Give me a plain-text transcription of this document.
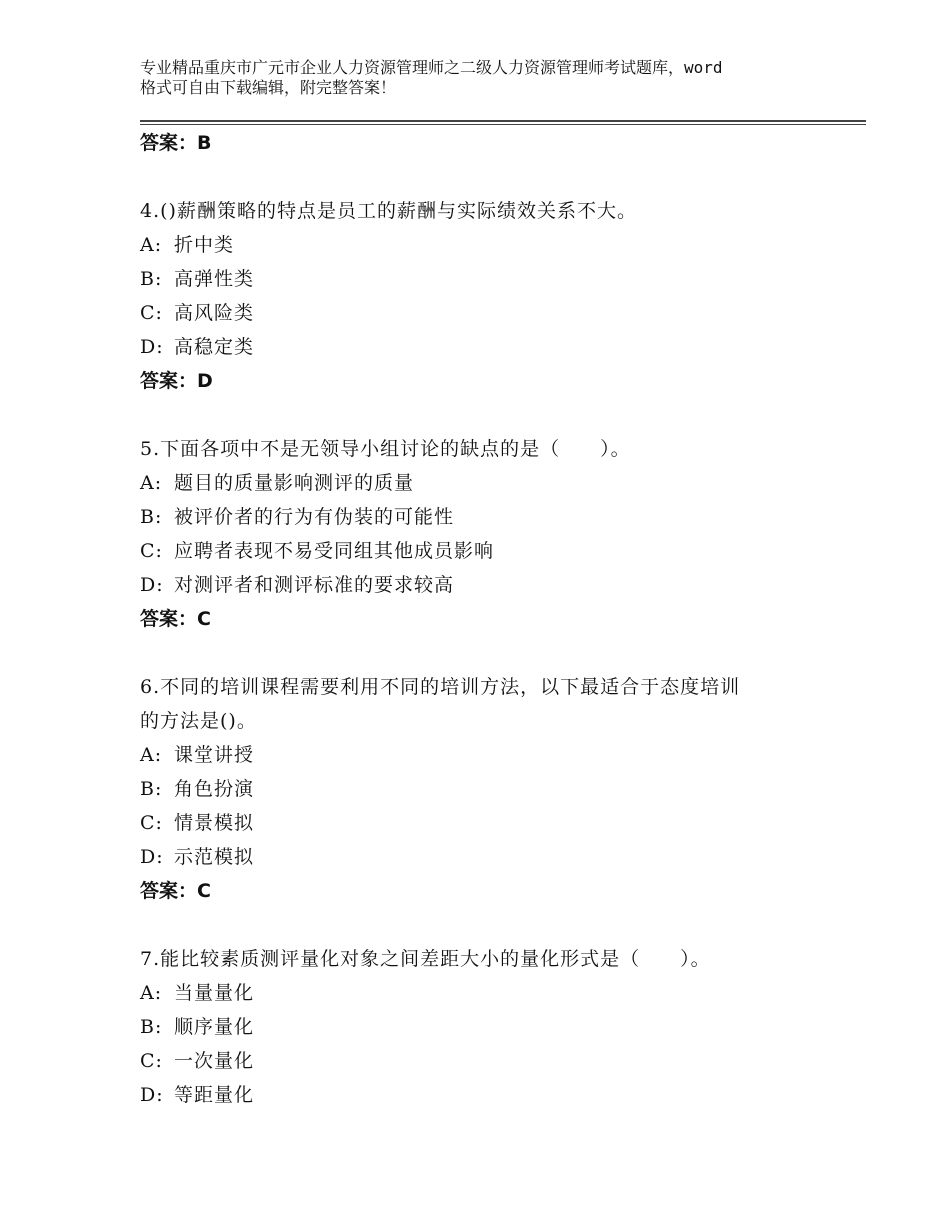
专业精品重庆市广元市企业人力资源管理师之二级人力资源管理师考试题库，word
格式可自由下载编辑，附完整答案！
答案：B
4.()薪酬策略的特点是员工的薪酬与实际绩效关系不大。
A: 折中类
B: 高弹性类
C: 高风险类
D: 高稳定类
答案：D
5.下面各项中不是无领导小组讨论的缺点的是（　　）。
A: 题目的质量影响测评的质量
B: 被评价者的行为有伪装的可能性
C: 应聘者表现不易受同组其他成员影响
D: 对测评者和测评标准的要求较高
答案：C
6.不同的培训课程需要利用不同的培训方法，以下最适合于态度培训
的方法是()。
A: 课堂讲授
B: 角色扮演
C: 情景模拟
D: 示范模拟
答案：C
7.能比较素质测评量化对象之间差距大小的量化形式是（　　）。
A: 当量量化
B: 顺序量化
C: 一次量化
D: 等距量化
